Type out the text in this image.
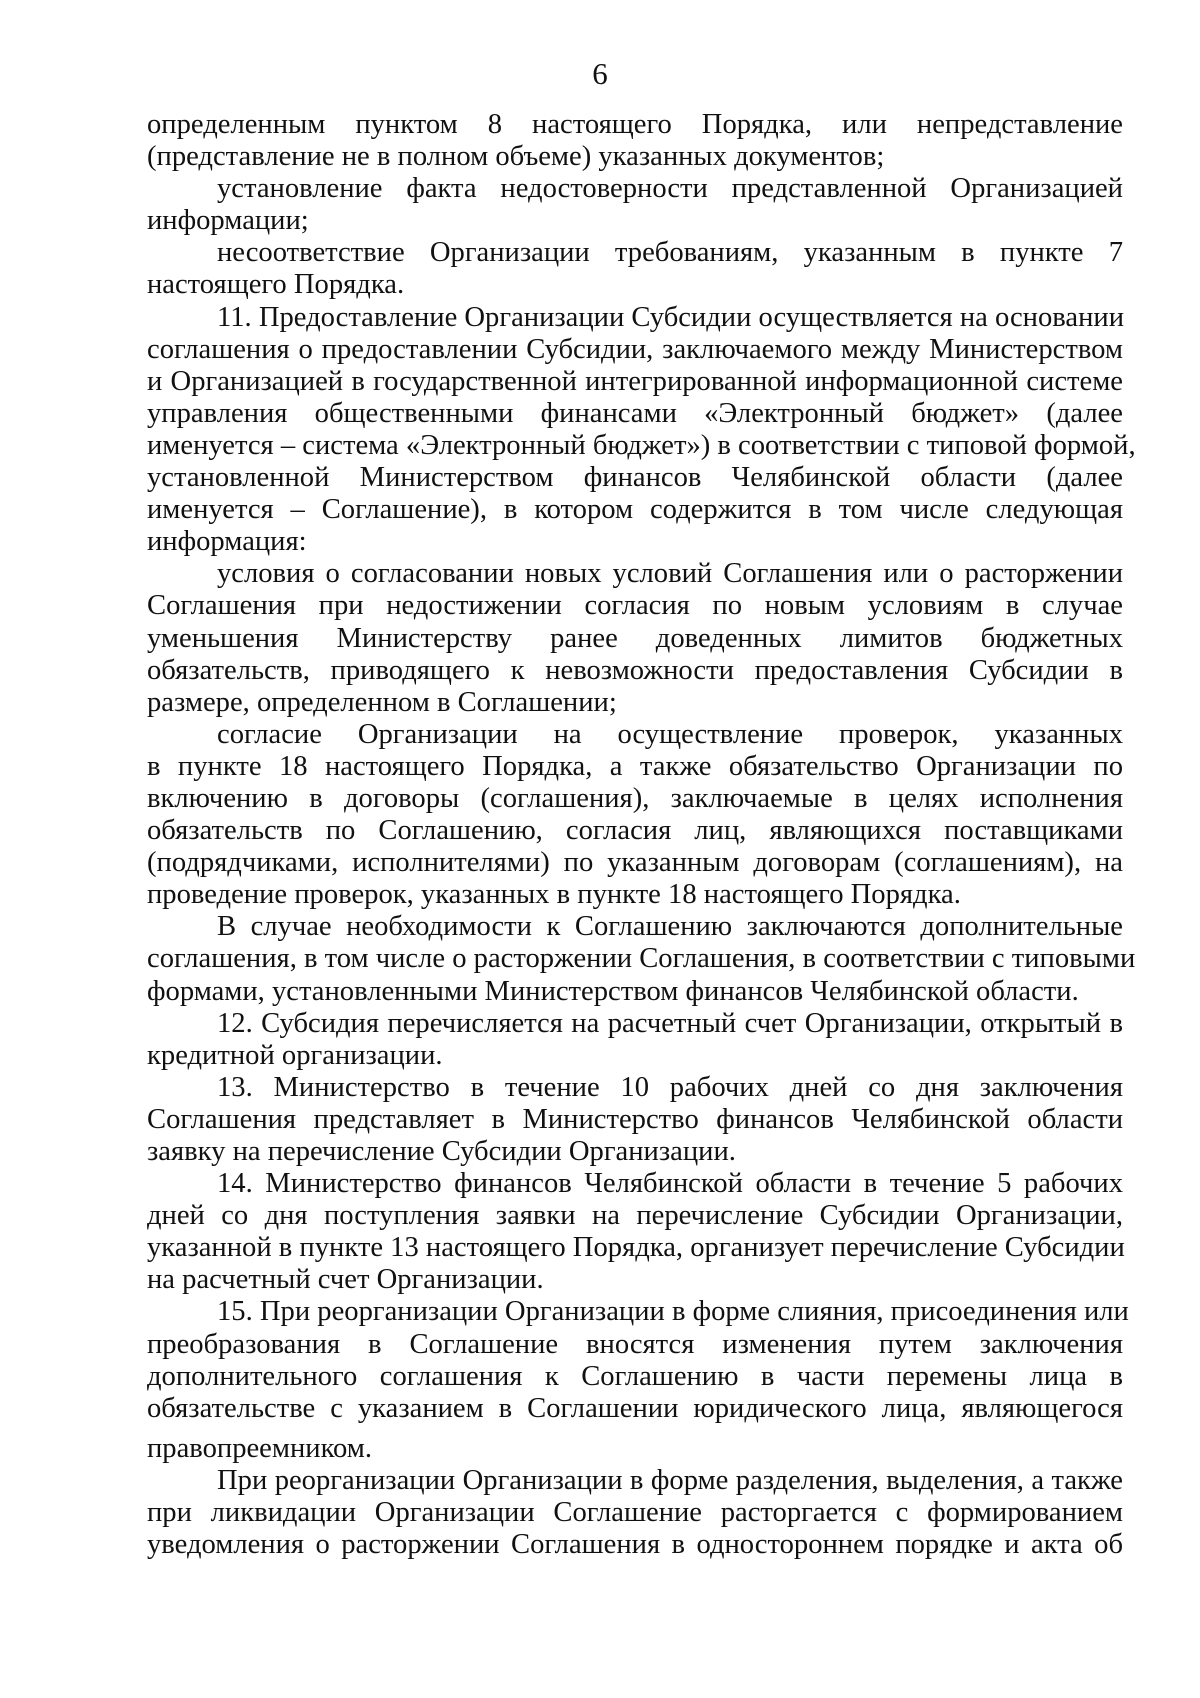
6
определенным пунктом 8 настоящего Порядка, или непредставление
(представление не в полном объеме) указанных документов;
установление факта недостоверности представленной Организацией
информации;
несоответствие Организации требованиям, указанным в пункте 7
настоящего Порядка.
11. Предоставление Организации Субсидии осуществляется на основании
соглашения о предоставлении Субсидии, заключаемого между Министерством
и Организацией в государственной интегрированной информационной системе
управления общественными финансами «Электронный бюджет» (далее
именуется – система «Электронный бюджет») в соответствии с типовой формой,
установленной Министерством финансов Челябинской области (далее
именуется – Соглашение), в котором содержится в том числе следующая
информация:
условия о согласовании новых условий Соглашения или о расторжении
Соглашения при недостижении согласия по новым условиям в случае
уменьшения Министерству ранее доведенных лимитов бюджетных
обязательств, приводящего к невозможности предоставления Субсидии в
размере, определенном в Соглашении;
согласие Организации на осуществление проверок, указанных
в пункте 18 настоящего Порядка, а также обязательство Организации по
включению в договоры (соглашения), заключаемые в целях исполнения
обязательств по Соглашению, согласия лиц, являющихся поставщиками
(подрядчиками, исполнителями) по указанным договорам (соглашениям), на
проведение проверок, указанных в пункте 18 настоящего Порядка.
В случае необходимости к Соглашению заключаются дополнительные
соглашения, в том числе о расторжении Соглашения, в соответствии с типовыми
формами, установленными Министерством финансов Челябинской области.
12. Субсидия перечисляется на расчетный счет Организации, открытый в
кредитной организации.
13. Министерство в течение 10 рабочих дней со дня заключения
Соглашения представляет в Министерство финансов Челябинской области
заявку на перечисление Субсидии Организации.
14. Министерство финансов Челябинской области в течение 5 рабочих
дней со дня поступления заявки на перечисление Субсидии Организации,
указанной в пункте 13 настоящего Порядка, организует перечисление Субсидии
на расчетный счет Организации.
15. При реорганизации Организации в форме слияния, присоединения или
преобразования в Соглашение вносятся изменения путем заключения
дополнительного соглашения к Соглашению в части перемены лица в
обязательстве с указанием в Соглашении юридического лица, являющегося
правопреемником.
При реорганизации Организации в форме разделения, выделения, а также
при ликвидации Организации Соглашение расторгается с формированием
уведомления о расторжении Соглашения в одностороннем порядке и акта об
